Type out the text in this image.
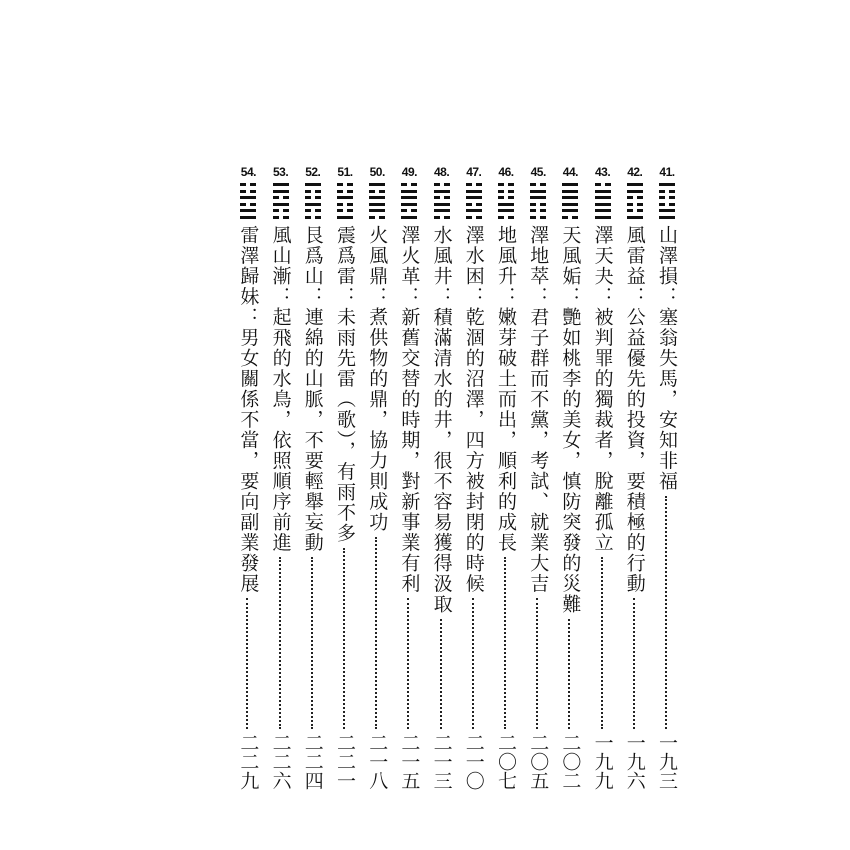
41.
山澤損：塞翁失馬，安知非福
一九三
42.
風雷益：公益優先的投資，要積極的行動
一九六
43.
澤天夬：被判罪的獨裁者，脫離孤立
一九九
44.
天風姤：艷如桃李的美女，慎防突發的災難
二〇二
45.
澤地萃：君子群而不黨，考試、就業大吉
二〇五
46.
地風升：嫩芽破土而出，順利的成長
二〇七
47.
澤水困：乾涸的沼澤，四方被封閉的時候
二一〇
48.
水風井：積滿清水的井，很不容易獲得汲取
二一三
49.
澤火革：新舊交替的時期，對新事業有利
二一五
50.
火風鼎：煮供物的鼎，協力則成功
二一八
51.
震爲雷：未雨先雷（歌），有雨不多
二二一
52.
艮爲山：連綿的山脈，不要輕舉妄動
二二四
53.
風山漸：起飛的水鳥，依照順序前進
二二六
54.
雷澤歸妹：男女關係不當，要向副業發展
二二九
